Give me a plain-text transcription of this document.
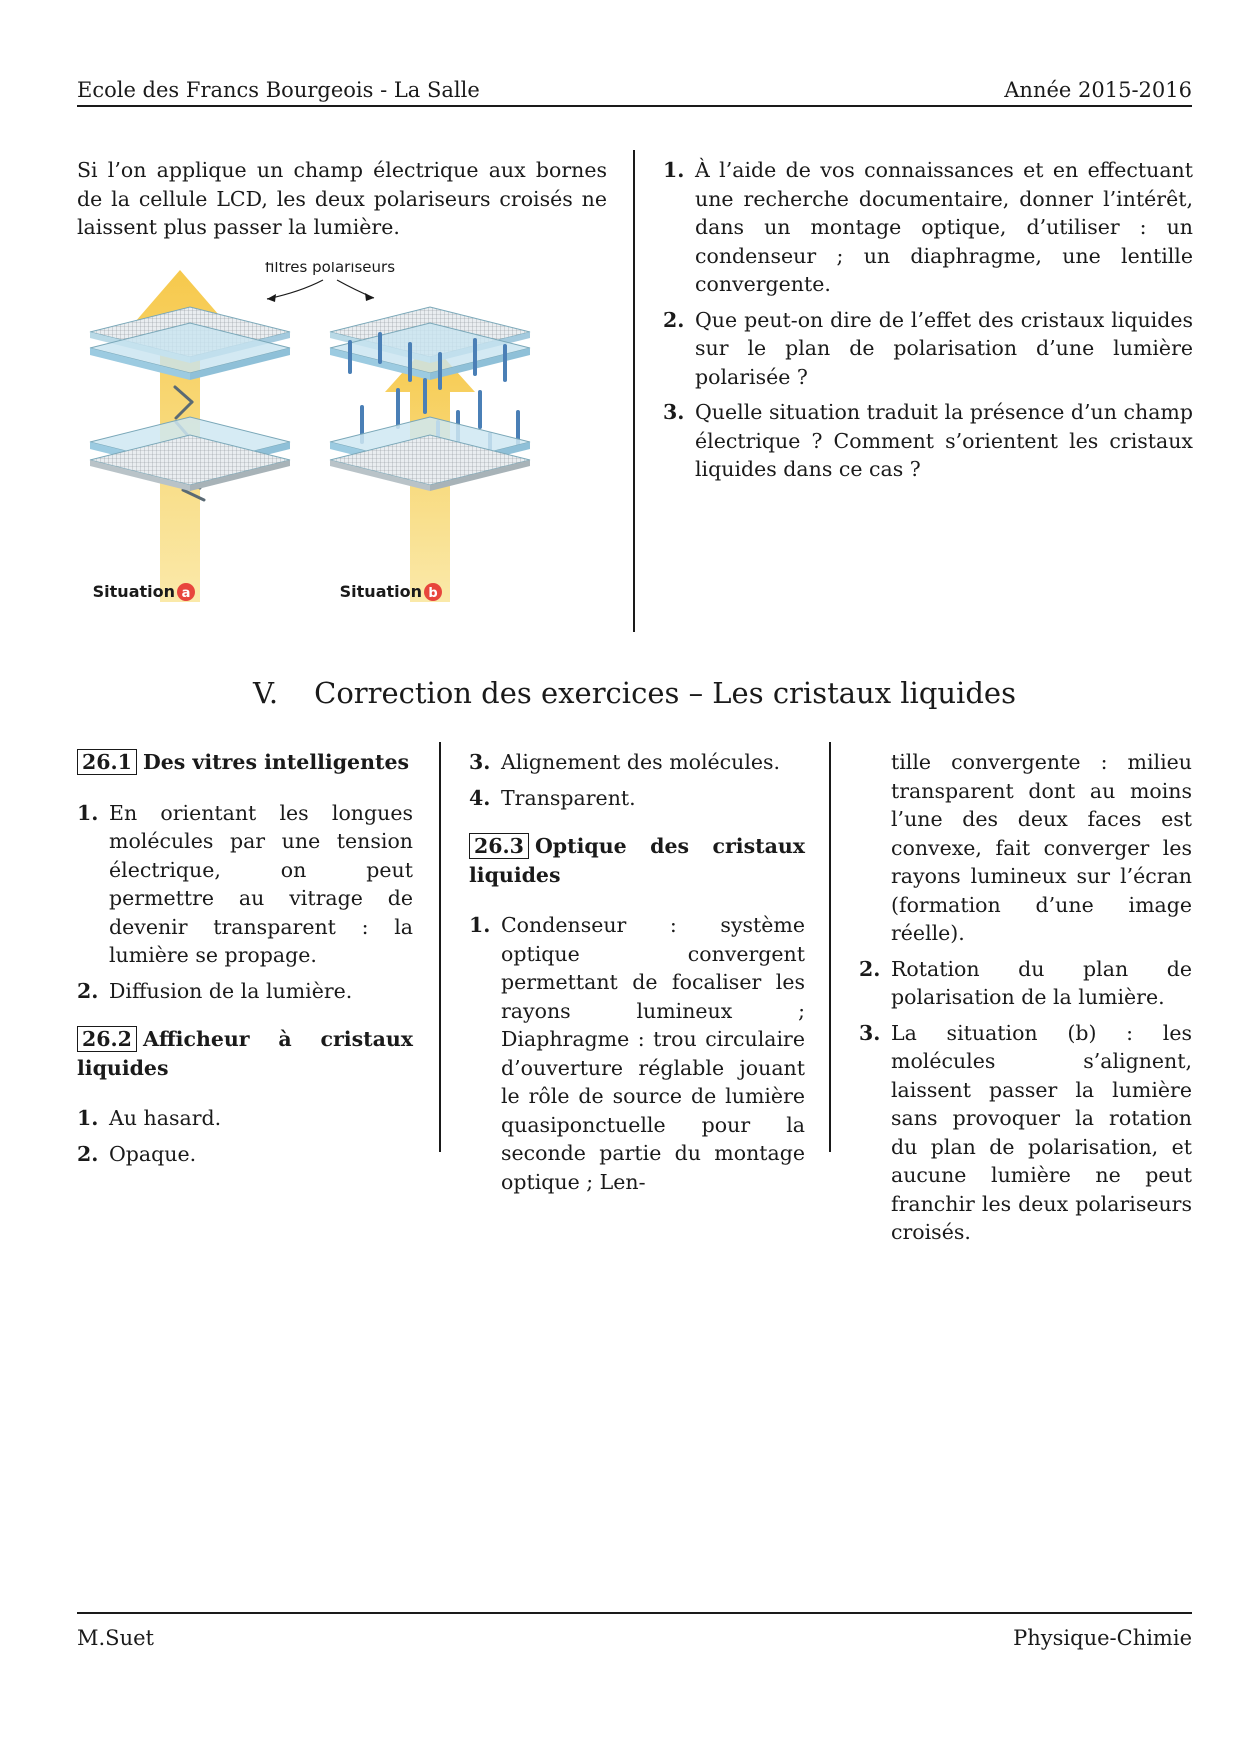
Ecole des Francs Bourgeois - La Salle	Année 2015-2016
Si l’on applique un champ électrique aux bornes de la cellule LCD, les deux polariseurs croisés ne laissent plus passer la lumière.
filtres polariseurs
Situation a	Situation b
1. À l’aide de vos connaissances et en effectuant une recherche documentaire, donner l’intérêt, dans un montage optique, d’utiliser : un condenseur ; un diaphragme, une lentille convergente.
2. Que peut-on dire de l’effet des cristaux liquides sur le plan de polarisation d’une lumière polarisée ?
3. Quelle situation traduit la présence d’un champ électrique ? Comment s’orientent les cristaux liquides dans ce cas ?
V. Correction des exercices – Les cristaux liquides
26.1 Des vitres intelligentes
1. En orientant les longues molécules par une tension électrique, on peut permettre au vitrage de devenir transparent : la lumière se propage.
2. Diffusion de la lumière.
26.2 Afficheur à cristaux liquides
1. Au hasard.
2. Opaque.
3. Alignement des molécules.
4. Transparent.
26.3 Optique des cristaux liquides
1. Condenseur : système optique convergent permettant de focaliser les rayons lumineux ; Diaphragme : trou circulaire d’ouverture réglable jouant le rôle de source de lumière quasiponctuelle pour la seconde partie du montage optique ; Len-
tille convergente : milieu transparent dont au moins l’une des deux faces est convexe, fait converger les rayons lumineux sur l’écran (formation d’une image réelle).
2. Rotation du plan de polarisation de la lumière.
3. La situation (b) : les molécules s’alignent, laissent passer la lumière sans provoquer la rotation du plan de polarisation, et aucune lumière ne peut franchir les deux polariseurs croisés.
M.Suet	Physique-Chimie
